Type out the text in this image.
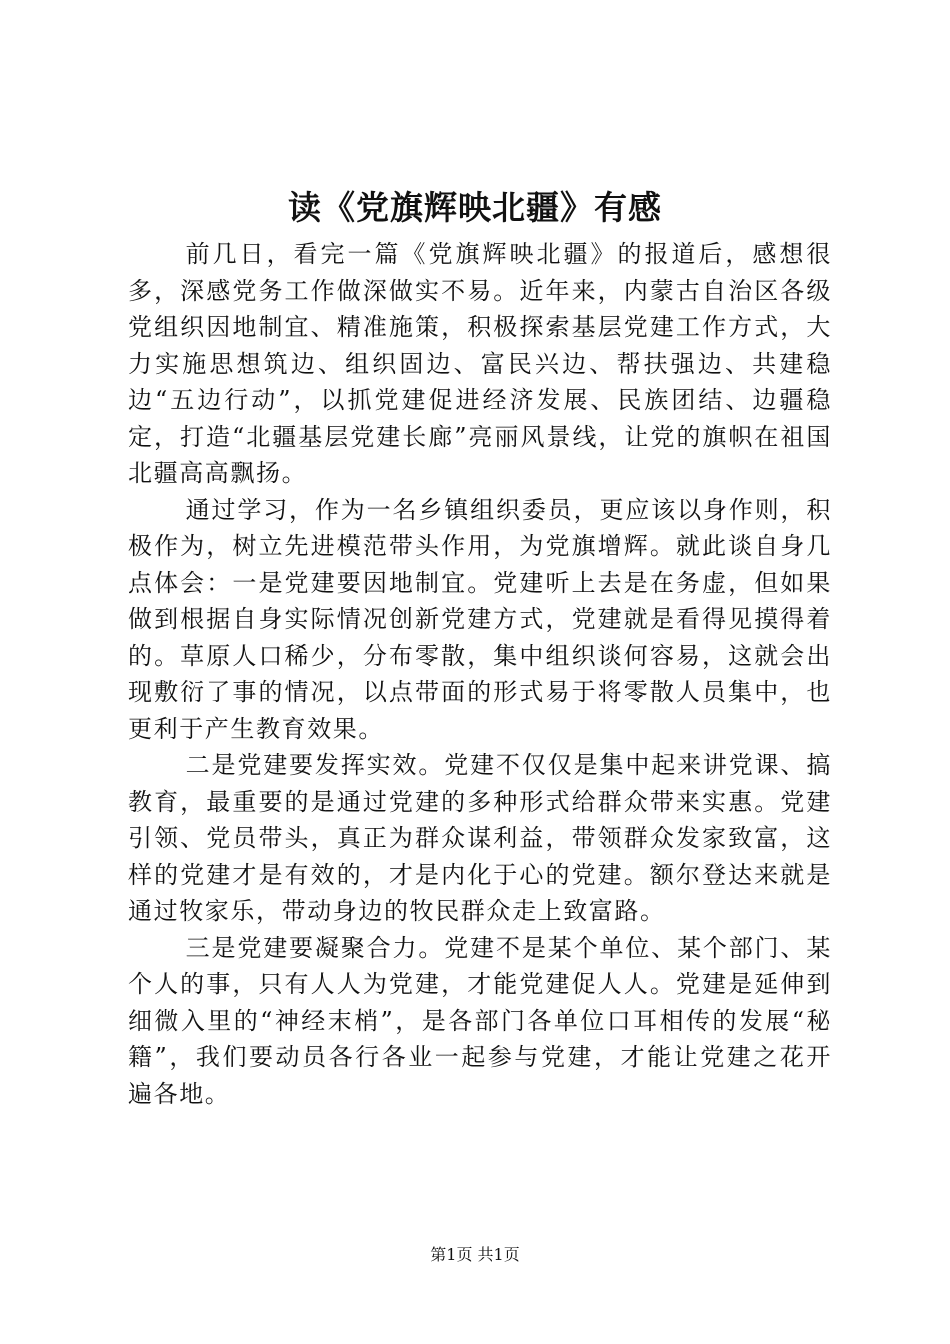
读《党旗辉映北疆》有感

前几日，看完一篇《党旗辉映北疆》的报道后，感想很多，深感党务工作做深做实不易。近年来，内蒙古自治区各级党组织因地制宜、精准施策，积极探索基层党建工作方式，大力实施思想筑边、组织固边、富民兴边、帮扶强边、共建稳边“五边行动”，以抓党建促进经济发展、民族团结、边疆稳定，打造“北疆基层党建长廊”亮丽风景线，让党的旗帜在祖国北疆高高飘扬。

通过学习，作为一名乡镇组织委员，更应该以身作则，积极作为，树立先进模范带头作用，为党旗增辉。就此谈自身几点体会：一是党建要因地制宜。党建听上去是在务虚，但如果做到根据自身实际情况创新党建方式，党建就是看得见摸得着的。草原人口稀少，分布零散，集中组织谈何容易，这就会出现敷衍了事的情况，以点带面的形式易于将零散人员集中，也更利于产生教育效果。

二是党建要发挥实效。党建不仅仅是集中起来讲党课、搞教育，最重要的是通过党建的多种形式给群众带来实惠。党建引领、党员带头，真正为群众谋利益，带领群众发家致富，这样的党建才是有效的，才是内化于心的党建。额尔登达来就是通过牧家乐，带动身边的牧民群众走上致富路。

三是党建要凝聚合力。党建不是某个单位、某个部门、某个人的事，只有人人为党建，才能党建促人人。党建是延伸到细微入里的“神经末梢”，是各部门各单位口耳相传的发展“秘籍”，我们要动员各行各业一起参与党建，才能让党建之花开遍各地。

第1页 共1页
